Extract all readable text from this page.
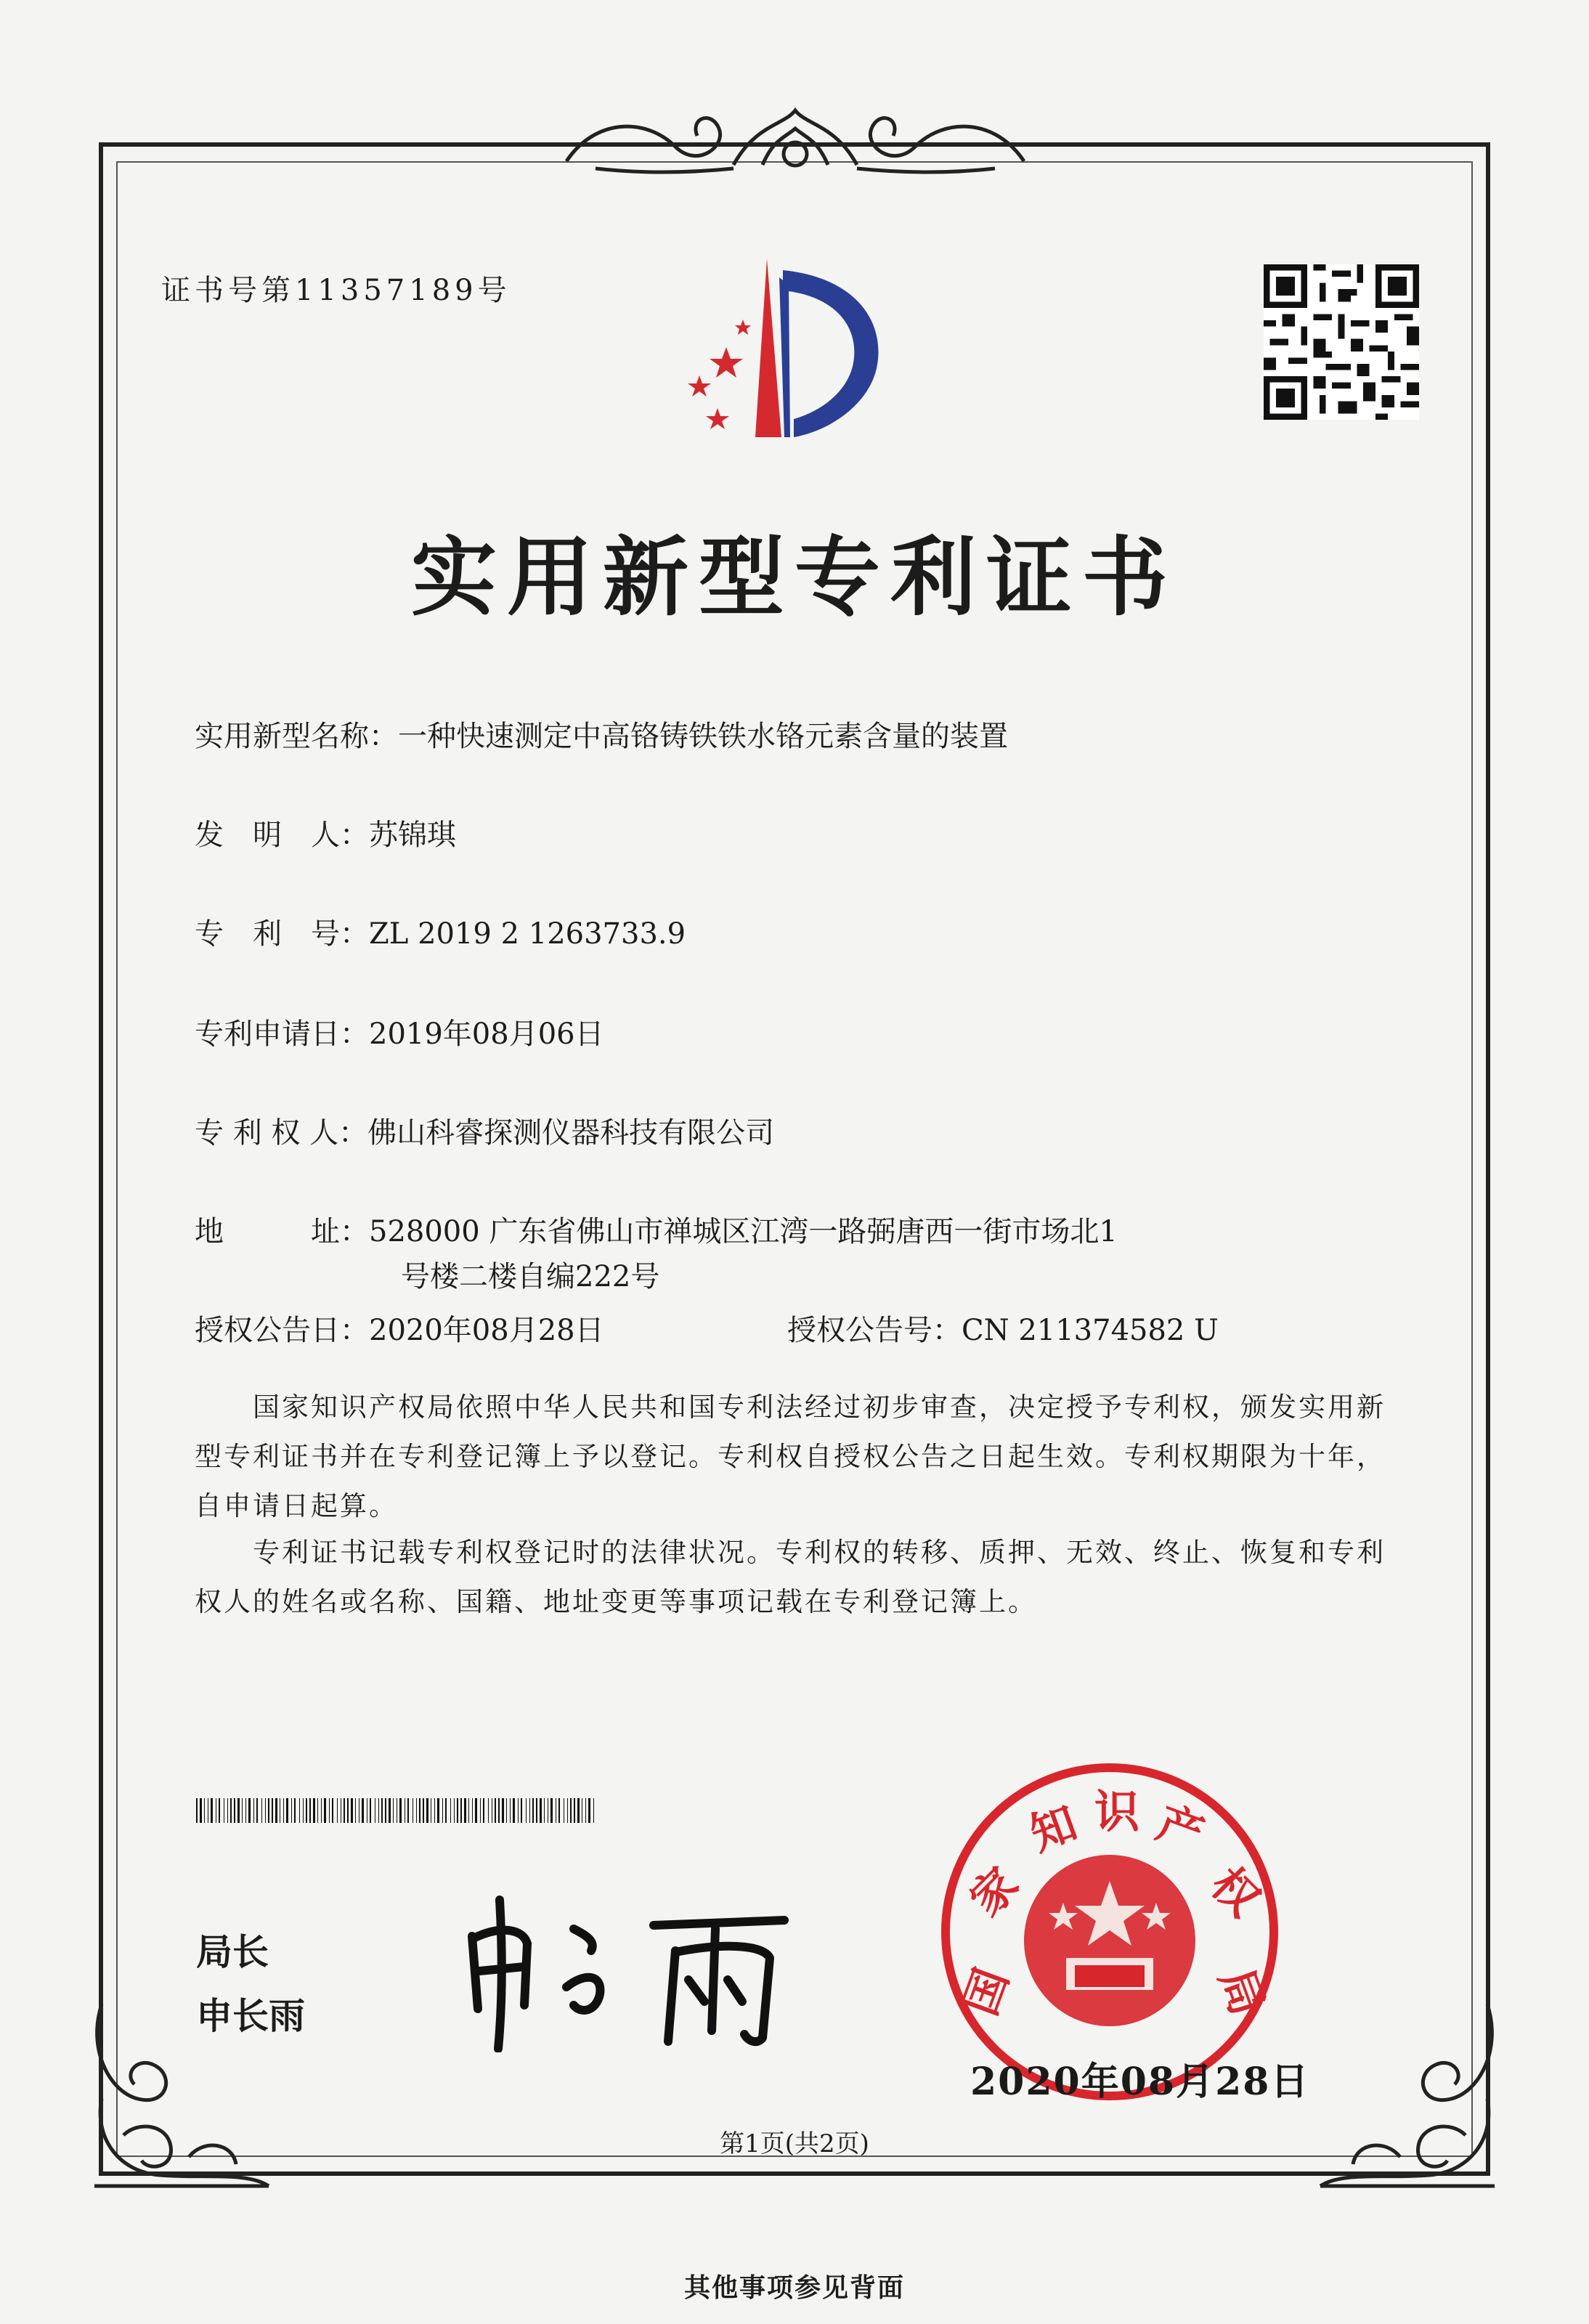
证书号第11357189号
实用新型专利证书
实用新型名称：一种快速测定中高铬铸铁铁水铬元素含量的装置
发　明　人：苏锦琪
专　利　号：ZL 2019 2 1263733.9
专利申请日：2019年08月06日
专 利 权 人：佛山科睿探测仪器科技有限公司
地　　　址：528000 广东省佛山市禅城区江湾一路弼唐西一街市场北1
号楼二楼自编222号
授权公告日：2020年08月28日	授权公告号：CN 211374582 U
国家知识产权局依照中华人民共和国专利法经过初步审查，决定授予专利权，颁发实用新型专利证书并在专利登记簿上予以登记。专利权自授权公告之日起生效。专利权期限为十年，自申请日起算。
专利证书记载专利权登记时的法律状况。专利权的转移、质押、无效、终止、恢复和专利权人的姓名或名称、国籍、地址变更等事项记载在专利登记簿上。
局长
申长雨	国
家
知 识 产
权
局
2020年08月28日
第1页(共2页)
其他事项参见背面
